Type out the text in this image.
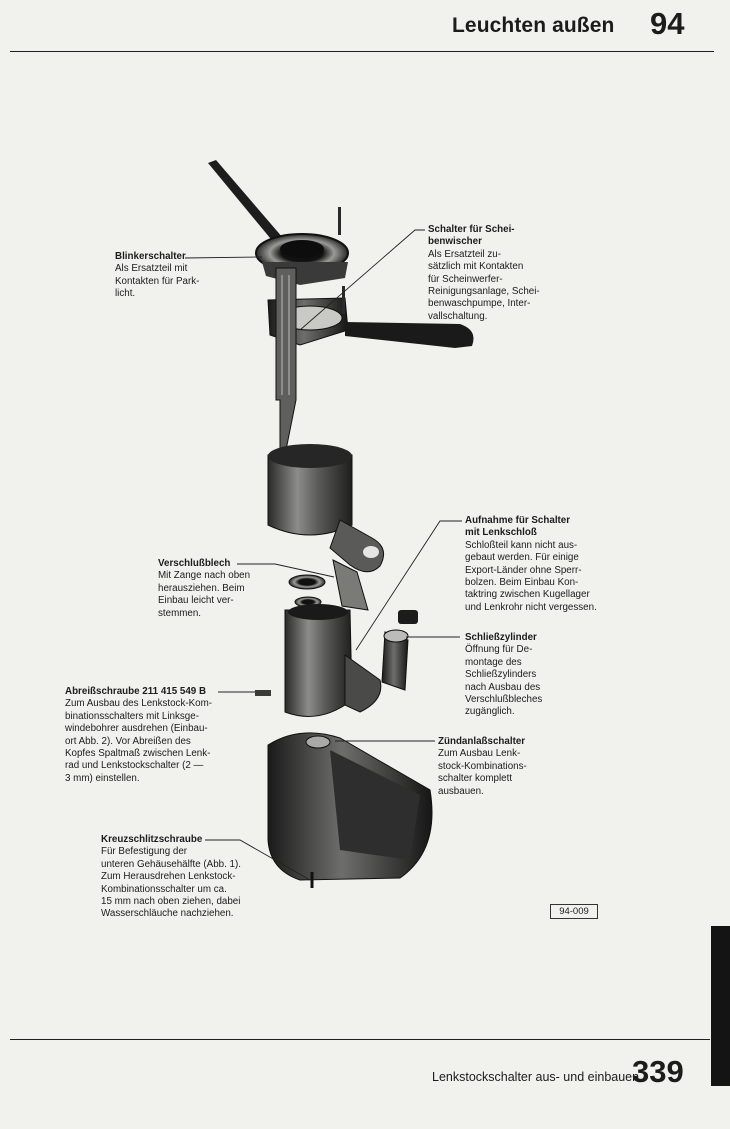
Leuchten außen 94
Blinkerschalter
Als Ersatzteil mit
Kontakten für Park-
licht.
Schalter für Schei-
benwischer
Als Ersatzteil zu-
sätzlich mit Kontakten
für Scheinwerfer-
Reinigungsanlage, Schei-
benwaschpumpe, Inter-
vallschaltung.
Aufnahme für Schalter
mit Lenkschloß
Schloßteil kann nicht aus-
gebaut werden. Für einige
Export-Länder ohne Sperr-
bolzen. Beim Einbau Kon-
taktring zwischen Kugellager
und Lenkrohr nicht vergessen.
Verschlußblech
Mit Zange nach oben
herausziehen. Beim
Einbau leicht ver-
stemmen.
Schließzylinder
Öffnung für De-
montage des
Schließzylinders
nach Ausbau des
Verschlußbleches
zugänglich.
Abreißschraube 211 415 549 B
Zum Ausbau des Lenkstock-Kom-
binationsschalters mit Linksge-
windebohrer ausdrehen (Einbau-
ort Abb. 2). Vor Abreißen des
Kopfes Spaltmaß zwischen Lenk-
rad und Lenkstockschalter (2 —
3 mm) einstellen.
Zündanlaßschalter
Zum Ausbau Lenk-
stock-Kombinations-
schalter komplett
ausbauen.
Kreuzschlitzschraube
Für Befestigung der
unteren Gehäusehälfte (Abb. 1).
Zum Herausdrehen Lenkstock-
Kombinationsschalter um ca.
15 mm nach oben ziehen, dabei
Wasserschläuche nachziehen.	94-009
Lenkstockschalter aus- und einbauen
339
